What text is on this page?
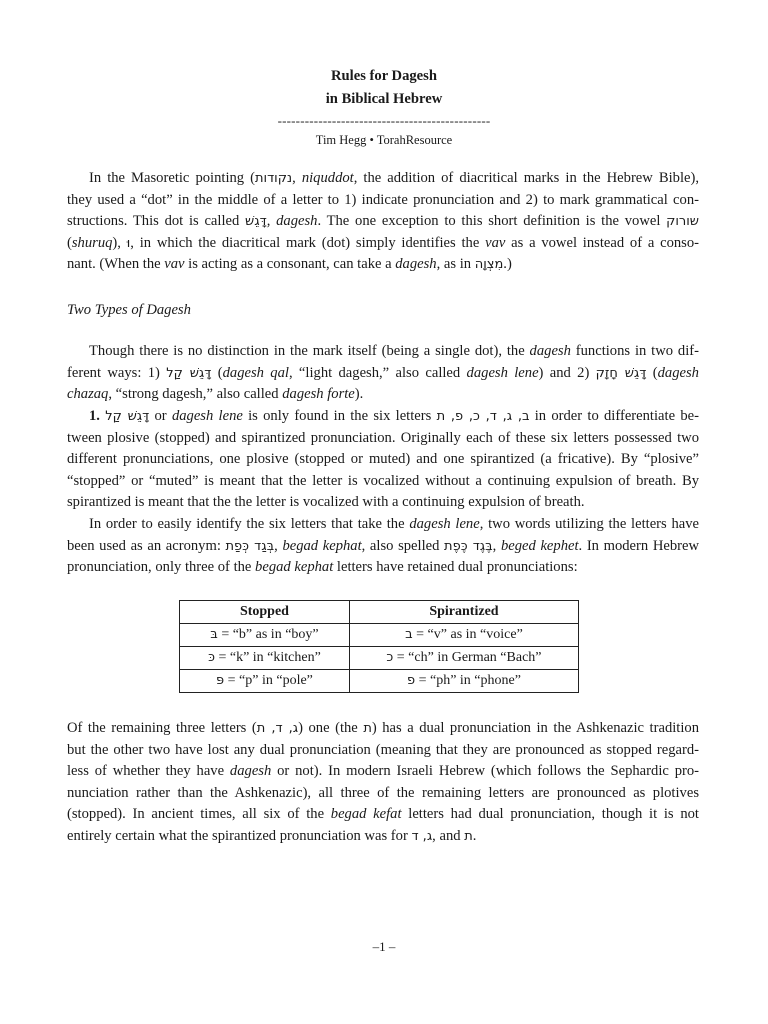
Rules for Dagesh
in Biblical Hebrew
-----------------------------------------------
Tim Hegg • TorahResource
In the Masoretic pointing (נקודות, niquddot, the addition of diacritical marks in the Hebrew Bible),
they used a “dot” in the middle of a letter to 1) indicate pronunciation and 2) to mark grammatical con-
structions. This dot is called דָּגֵשׁ, dagesh. The one exception to this short definition is the vowel שורוק
(shuruq), וּ, in which the diacritical mark (dot) simply identifies the vav as a vowel instead of a conso-
nant. (When the vav is acting as a consonant, can take a dagesh, as in מִצְוָה.)
Two Types of Dagesh
Though there is no distinction in the mark itself (being a single dot), the dagesh functions in two dif-
ferent ways: 1) דָּגֵשׁ קַל (dagesh qal, “light dagesh,” also called dagesh lene) and 2) דָּגֵשׁ חָזָק (dagesh
chazaq, “strong dagesh,” also called dagesh forte).
1. דָּגֵשׁ קַל or dagesh lene is only found in the six letters ב, ג, ד, כ, פ, ת in order to differentiate be-
tween plosive (stopped) and spirantized pronunciation. Originally each of these six letters possessed two
different pronunciations, one plosive (stopped or muted) and one spirantized (a fricative). By “plosive”
“stopped” or “muted” is meant that the letter is vocalized without a continuing expulsion of breath. By
spirantized is meant that the the letter is vocalized with a continuing expulsion of breath.
In order to easily identify the six letters that take the dagesh lene, two words utilizing the letters have
been used as an acronym: בְּגַד כְּפַת, begad kephat, also spelled בֶּגֶד כֶּפֶת, beged kephet. In modern Hebrew
pronunciation, only three of the begad kephat letters have retained dual pronunciations:
Stopped	Spirantized
בּ = “b” as in “boy”	ב = “v” as in “voice”
כּ = “k” in “kitchen”	כ = “ch” in German “Bach”
פּ = “p” in “pole”	פ = “ph” in “phone”
Of the remaining three letters (ג, ד, ת) one (the ת) has a dual pronunciation in the Ashkenazic tradition
but the other two have lost any dual pronunciation (meaning that they are pronounced as stopped regard-
less of whether they have dagesh or not). In modern Israeli Hebrew (which follows the Sephardic pro-
nunciation rather than the Ashkenazic), all three of the remaining letters are pronounced as plotives
(stopped). In ancient times, all six of the begad kefat letters had dual pronunciation, though it is not
entirely certain what the spirantized pronunciation was for ג, ד, and ת.
–1 –
